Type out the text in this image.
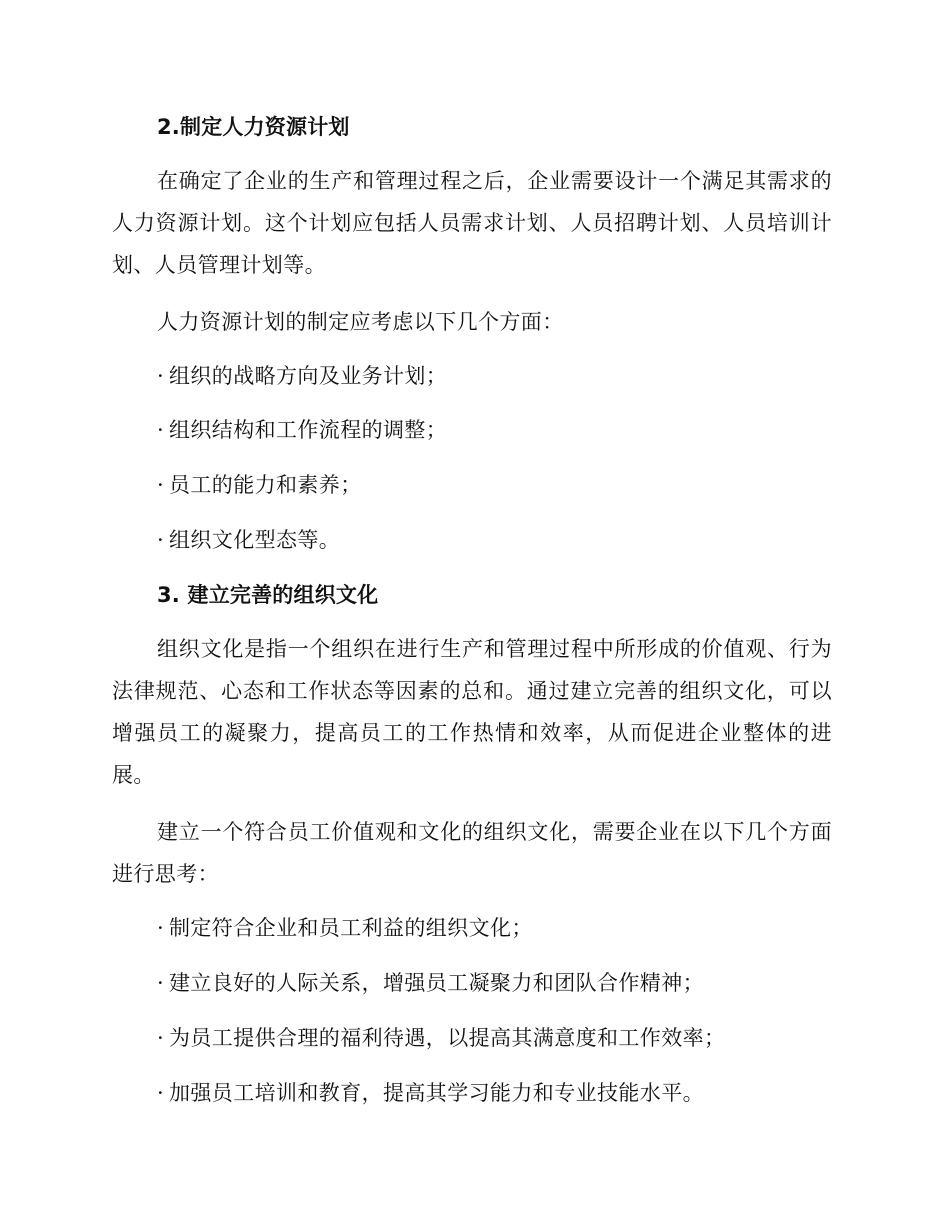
2.制定人力资源计划

在确定了企业的生产和管理过程之后，企业需要设计一个满足其需求的人力资源计划。这个计划应包括人员需求计划、人员招聘计划、人员培训计划、人员管理计划等。

人力资源计划的制定应考虑以下几个方面：

· 组织的战略方向及业务计划；

· 组织结构和工作流程的调整；

· 员工的能力和素养；

· 组织文化型态等。

3. 建立完善的组织文化

组织文化是指一个组织在进行生产和管理过程中所形成的价值观、行为法律规范、心态和工作状态等因素的总和。通过建立完善的组织文化，可以增强员工的凝聚力，提高员工的工作热情和效率，从而促进企业整体的进展。

建立一个符合员工价值观和文化的组织文化，需要企业在以下几个方面进行思考：

· 制定符合企业和员工利益的组织文化；

· 建立良好的人际关系，增强员工凝聚力和团队合作精神；

· 为员工提供合理的福利待遇，以提高其满意度和工作效率；

· 加强员工培训和教育，提高其学习能力和专业技能水平。
